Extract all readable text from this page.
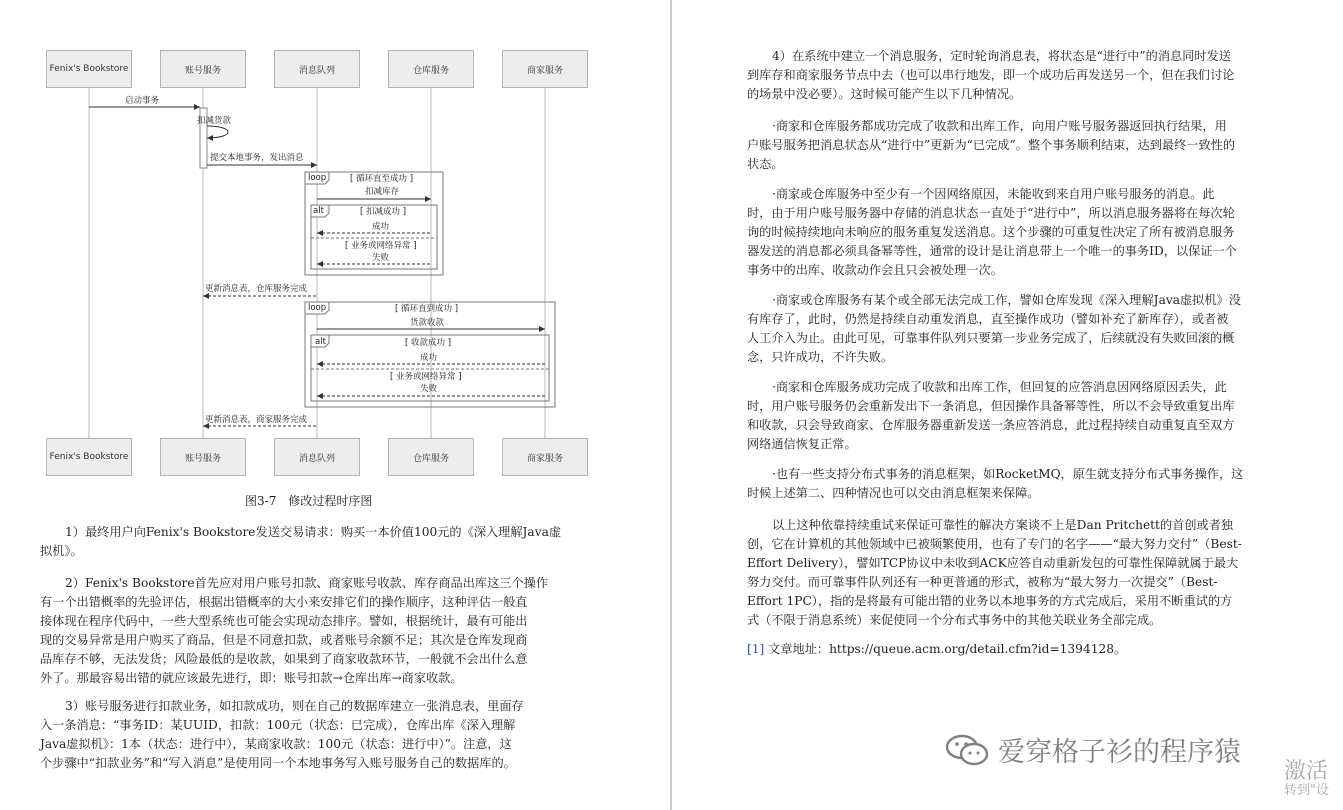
启动事务
扣减货款
提交本地事务，发出消息
loop	[ 循环直至成功 ]
扣减库存
alt	[ 扣减成功 ]
成功
[ 业务或网络异常 ]
失败
更新消息表，仓库服务完成
loop	[ 循环直到成功 ]
货款收款
alt	[ 收款成功 ]
成功
[ 业务或网络异常 ]
失败
更新消息表，商家服务完成
Fenix's Bookstore	账号服务	消息队列	仓库服务	商家服务
Fenix's Bookstore	账号服务	消息队列	仓库服务	商家服务
图3-7　修改过程时序图
1）最终用户向Fenix's Bookstore发送交易请求：购买一本价值100元的《深入理解Java虚
拟机》。
2）Fenix's Bookstore首先应对用户账号扣款、商家账号收款、库存商品出库这三个操作
有一个出错概率的先验评估，根据出错概率的大小来安排它们的操作顺序，这种评估一般直
接体现在程序代码中，一些大型系统也可能会实现动态排序。譬如，根据统计，最有可能出
现的交易异常是用户购买了商品，但是不同意扣款，或者账号余额不足；其次是仓库发现商
品库存不够，无法发货；风险最低的是收款，如果到了商家收款环节，一般就不会出什么意
外了。那最容易出错的就应该最先进行，即：账号扣款→仓库出库→商家收款。
3）账号服务进行扣款业务，如扣款成功，则在自己的数据库建立一张消息表，里面存
入一条消息：“事务ID：某UUID，扣款：100元（状态：已完成），仓库出库《深入理解
Java虚拟机》：1本（状态：进行中），某商家收款：100元（状态：进行中）”。注意，这
个步骤中“扣款业务”和“写入消息”是使用同一个本地事务写入账号服务自己的数据库的。
4）在系统中建立一个消息服务，定时轮询消息表，将状态是“进行中”的消息同时发送
到库存和商家服务节点中去（也可以串行地发，即一个成功后再发送另一个，但在我们讨论
的场景中没必要）。这时候可能产生以下几种情况。
·商家和仓库服务都成功完成了收款和出库工作，向用户账号服务器返回执行结果，用
户账号服务把消息状态从“进行中”更新为“已完成”。整个事务顺利结束，达到最终一致性的
状态。
·商家或仓库服务中至少有一个因网络原因，未能收到来自用户账号服务的消息。此
时，由于用户账号服务器中存储的消息状态一直处于“进行中”，所以消息服务器将在每次轮
询的时候持续地向未响应的服务重复发送消息。这个步骤的可重复性决定了所有被消息服务
器发送的消息都必须具备幂等性，通常的设计是让消息带上一个唯一的事务ID，以保证一个
事务中的出库、收款动作会且只会被处理一次。
·商家或仓库服务有某个或全部无法完成工作，譬如仓库发现《深入理解Java虚拟机》没
有库存了，此时，仍然是持续自动重发消息，直至操作成功（譬如补充了新库存），或者被
人工介入为止。由此可见，可靠事件队列只要第一步业务完成了，后续就没有失败回滚的概
念，只许成功，不许失败。
·商家和仓库服务成功完成了收款和出库工作，但回复的应答消息因网络原因丢失，此
时，用户账号服务仍会重新发出下一条消息，但因操作具备幂等性，所以不会导致重复出库
和收款，只会导致商家、仓库服务器重新发送一条应答消息，此过程持续自动重复直至双方
网络通信恢复正常。
·也有一些支持分布式事务的消息框架，如RocketMQ，原生就支持分布式事务操作，这
时候上述第二、四种情况也可以交由消息框架来保障。
以上这种依靠持续重试来保证可靠性的解决方案谈不上是Dan Pritchett的首创或者独
创，它在计算机的其他领域中已被频繁使用，也有了专门的名字——“最大努力交付”（Best-
Effort Delivery），譬如TCP协议中未收到ACK应答自动重新发包的可靠性保障就属于最大
努力交付。而可靠事件队列还有一种更普通的形式，被称为“最大努力一次提交”（Best-
Effort 1PC），指的是将最有可能出错的业务以本地事务的方式完成后，采用不断重试的方
式（不限于消息系统）来促使同一个分布式事务中的其他关联业务全部完成。
[1] 文章地址：https://queue.acm.org/detail.cfm?id=1394128。
爱穿格子衫的程序猿
激活
转到"设
